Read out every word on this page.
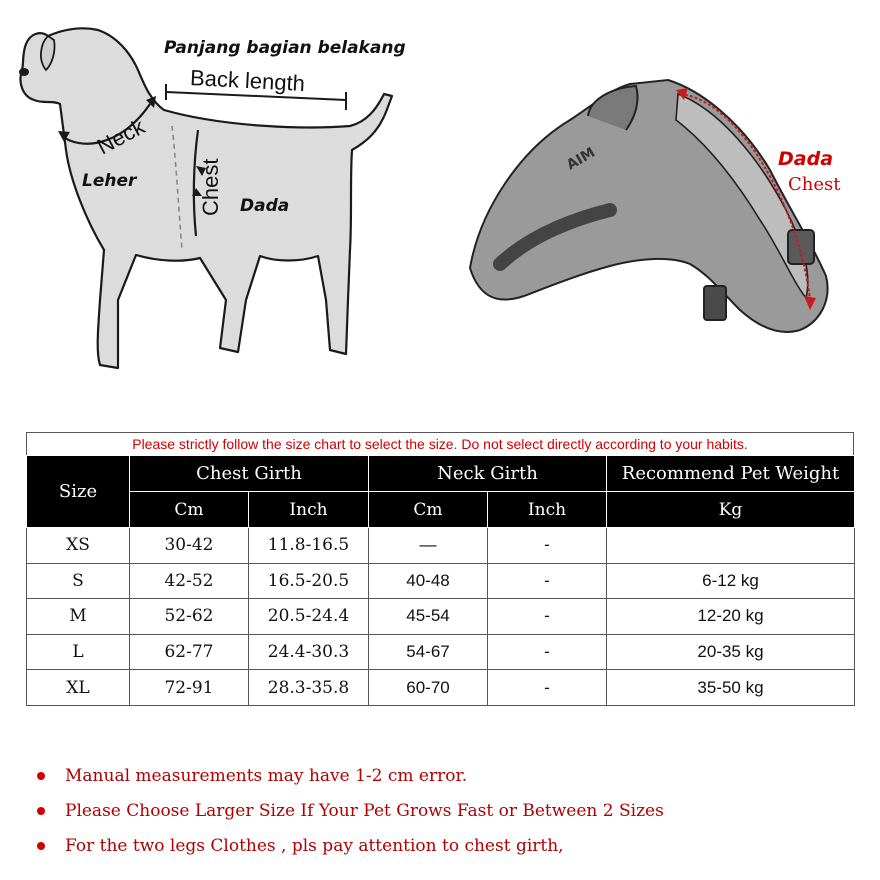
Panjang bagian belakang
Back length
Neck
Leher	Chest Dada
AIM	Dada
Chest
Please strictly follow the size chart to select the size. Do not select directly according to your habits.
Size	Chest Girth		Neck Girth		Recommend Pet Weight
	Cm	Inch	Cm	Inch	Kg
XS	30-42	11.8-16.5	—	-	
S	42-52	16.5-20.5	40-48	-	6-12 kg
M	52-62	20.5-24.4	45-54	-	12-20 kg
L	62-77	24.4-30.3	54-67	-	20-35 kg
XL	72-91	28.3-35.8	60-70	-	35-50 kg
Manual measurements may have 1-2 cm error.
Please Choose Larger Size If Your Pet Grows Fast or Between 2 Sizes
For the two legs Clothes , pls pay attention to chest girth,
